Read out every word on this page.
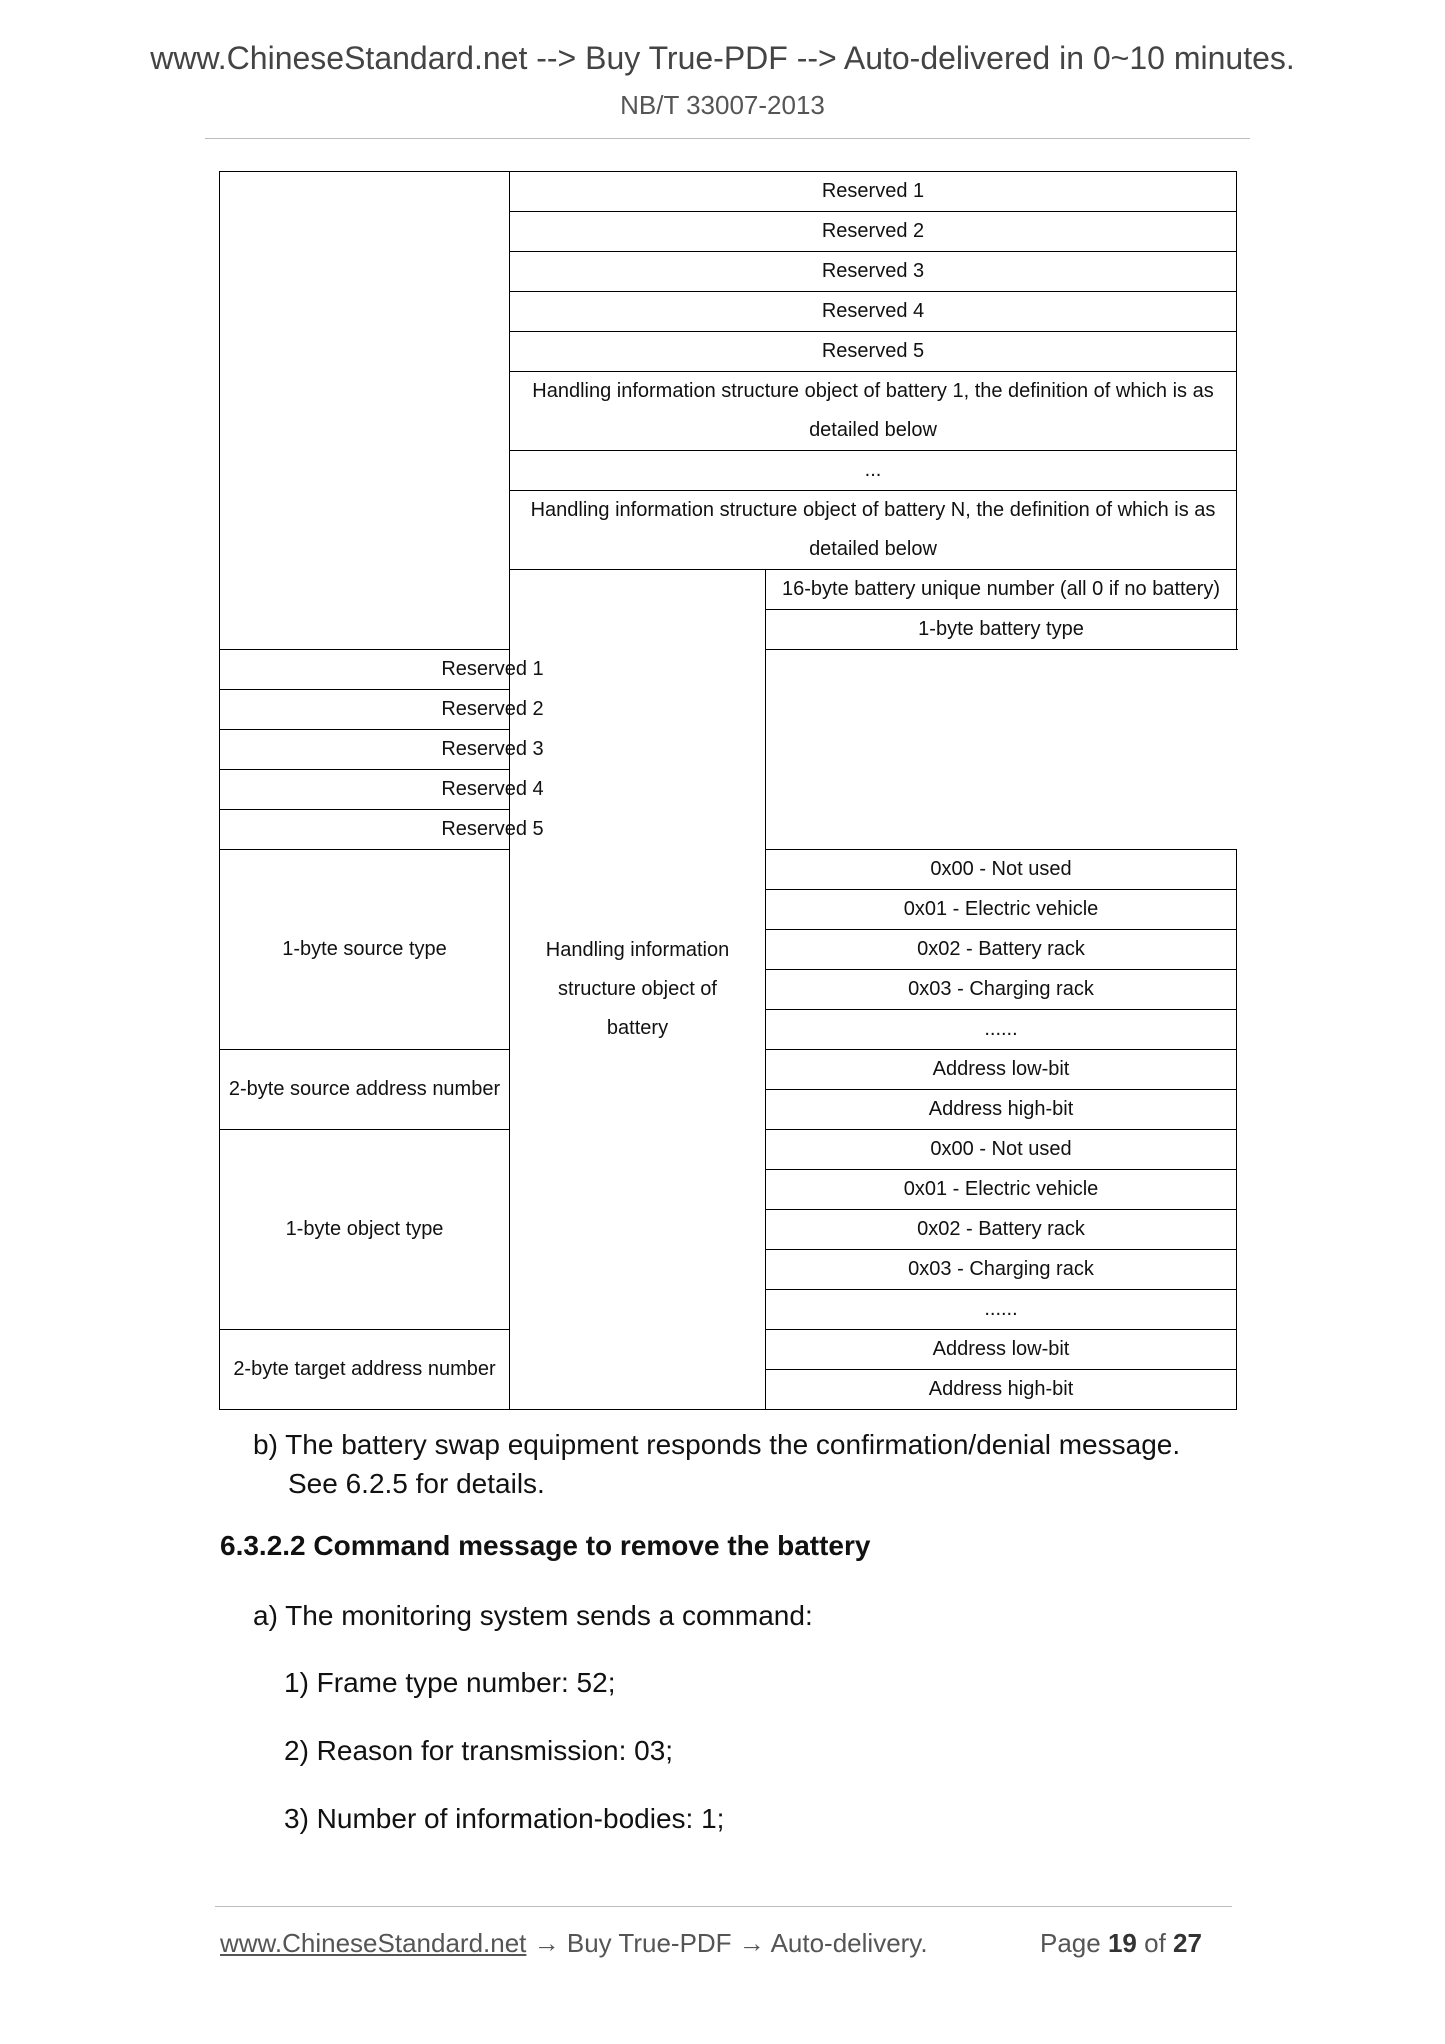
www.ChineseStandard.net --> Buy True-PDF --> Auto-delivered in 0~10 minutes.
NB/T 33007-2013
	Reserved 1	
	Reserved 2	
	Reserved 3	
	Reserved 4	
	Reserved 5	
	Handling information structure object of battery 1, the definition of which is as detailed below	
	...	
	Handling information structure object of battery N, the definition of which is as detailed below	
	Handling information structure object of battery	16-byte battery unique number (all 0 if no battery)
		1-byte battery type
Reserved 1		
Reserved 2		
Reserved 3		
Reserved 4		
Reserved 5		
1-byte source type		0x00 - Not used
		0x01 - Electric vehicle
		0x02 - Battery rack
		0x03 - Charging rack
		......
2-byte source address number		Address low-bit
		Address high-bit
1-byte object type		0x00 - Not used
		0x01 - Electric vehicle
		0x02 - Battery rack
		0x03 - Charging rack
		......
2-byte target address number		Address low-bit
		Address high-bit
b) The battery swap equipment responds the confirmation/denial message.
See 6.2.5 for details.
6.3.2.2 Command message to remove the battery
a) The monitoring system sends a command:
1) Frame type number: 52;
2) Reason for transmission: 03;
3) Number of information-bodies: 1;
www.ChineseStandard.net → Buy True-PDF → Auto-delivery.	Page 19 of 27
